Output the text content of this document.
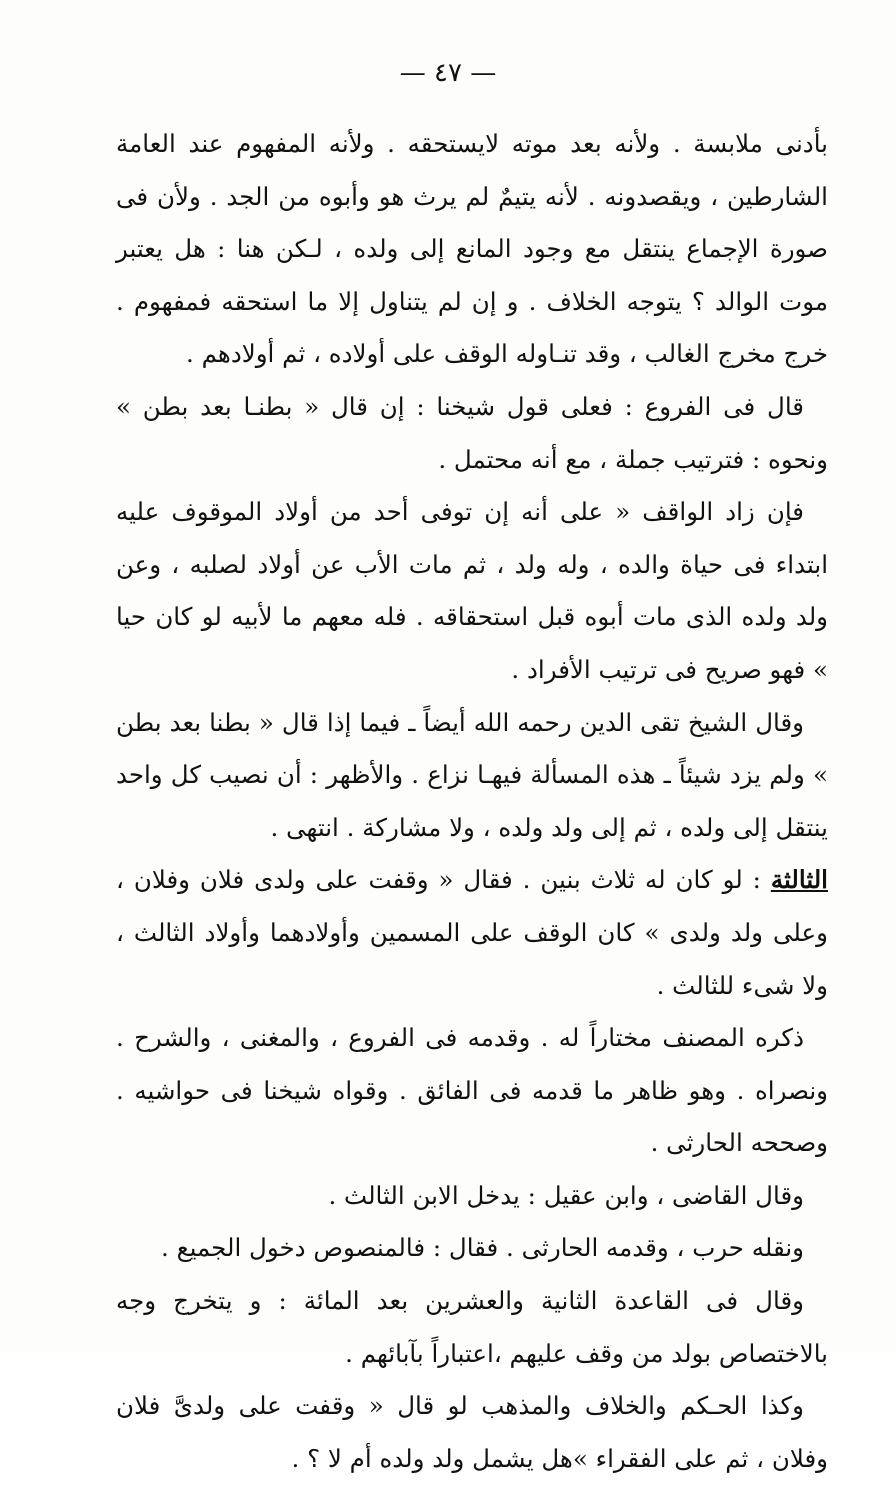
— ٤٧ —

بأدنى ملابسة . ولأنه بعد موته لايستحقه . ولأنه المفهوم عند العامة الشارطين ، ويقصدونه . لأنه يتيمٌ لم يرث هو وأبوه من الجد . ولأن فى صورة الإجماع ينتقل مع وجود المانع إلى ولده ، لـكن هنا : هل يعتبر موت الوالد ؟ يتوجه الخلاف . و إن لم يتناول إلا ما استحقه فمفهوم . خرج مخرج الغالب ، وقد تنـاوله الوقف على أولاده ، ثم أولادهم .

قال فى الفروع : فعلى قول شيخنا : إن قال « بطنـا بعد بطن » ونحوه : فترتيب جملة ، مع أنه محتمل .

فإن زاد الواقف « على أنه إن توفى أحد من أولاد الموقوف عليه ابتداء فى حياة والده ، وله ولد ، ثم مات الأب عن أولاد لصلبه ، وعن ولد ولده الذى مات أبوه قبل استحقاقه . فله معهم ما لأبيه لو كان حيا » فهو صريح فى ترتيب الأفراد .

وقال الشيخ تقى الدين رحمه الله أيضاً ـ فيما إذا قال « بطنا بعد بطن » ولم يزد شيئاً ـ هذه المسألة فيهـا نزاع . والأظهر : أن نصيب كل واحد ينتقل إلى ولده ، ثم إلى ولد ولده ، ولا مشاركة . انتهى .

الثالثة : لو كان له ثلاث بنين . فقال « وقفت على ولدى فلان وفلان ، وعلى ولد ولدى » كان الوقف على المسمين وأولادهما وأولاد الثالث ، ولا شىء للثالث .

ذكره المصنف مختاراً له . وقدمه فى الفروع ، والمغنى ، والشرح . ونصراه . وهو ظاهر ما قدمه فى الفائق . وقواه شيخنا فى حواشيه . وصححه الحارثى .

وقال القاضى ، وابن عقيل : يدخل الابن الثالث .

ونقله حرب ، وقدمه الحارثى . فقال : فالمنصوص دخول الجميع .

وقال فى القاعدة الثانية والعشرين بعد المائة : و يتخرج وجه بالاختصاص بولد من وقف عليهم ،اعتباراً بآبائهم .

وكذا الحـكم والخلاف والمذهب لو قال « وقفت على ولدىَّ فلان وفلان ، ثم على الفقراء »هل يشمل ولد ولده أم لا ؟ .
